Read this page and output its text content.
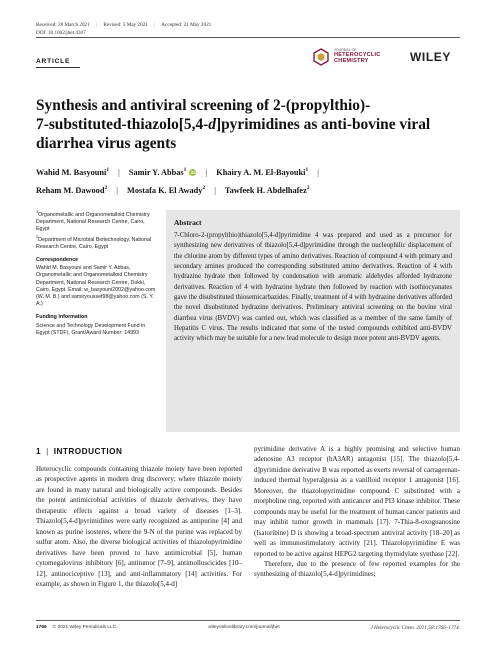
Received: 28 March 2021 | Revised: 5 May 2021 | Accepted: 21 May 2021
DOI: 10.1002/jhet.4307
ARTICLE
JOURNAL OF
HETEROCYCLIC
CHEMISTRY	WILEY
Synthesis and antiviral screening of 2-(propylthio)-
7-substituted-thiazolo[5,4-d]pyrimidines as anti-bovine viral
diarrhea virus agents
Wahid M. Basyouni$^1$ | Samir Y. Abbas$^1$ iD | Khairy A. M. El-Bayouki$^1$ |
Reham M. Dawood$^2$ | Mostafa K. El Awady$^2$ | Tawfeek H. Abdelhafez$^2$
$^1$Organometallic and Organometalloid Chemistry Department, National Research Centre, Cairo, Egypt
$^2$Department of Microbial Biotechnology, National Research Centre, Cairo, Egypt
Correspondence
Wahid M. Basyouni and Samir Y. Abbas, Organometallic and Organometalloid Chemistry Department, National Research Centre, Dokki, Cairo, Egypt. Email: w_basyouni2002@yahoo.com (W. M. B.) and samiryoussef98@yahoo.com (S. Y. A.)
Funding information
Science and Technology Development Fund in Egypt (STDF), Grant/Award Number: 14993
Abstract
7-Chloro-2-(propylthio)thiazolo[5,4-d]pyrimidine 4 was prepared and used as a precursor for synthesizing new derivatives of thiazolo[5,4-d]pyrimidine through the nucleophilic displacement of the chlorine atom by different types of amino derivatives. Reaction of compound 4 with primary and secondary amines produced the corresponding substituted amino derivatives. Reaction of 4 with hydrazine hydrate then followed by condensation with aromatic aldehydes afforded hydrazone derivatives. Reaction of 4 with hydrazine hydrate then followed by reaction with isothiocyanates gave the disubstituted thiosemicarbazides. Finally, treatment of 4 with hydrazine derivatives afforded the novel disubstituted hydrazine derivatives. Preliminary antiviral screening on the bovine viral diarrhea virus (BVDV) was carried out, which was classified as a member of the same family of Hepatitis C virus. The results indicated that some of the tested compounds exhibited anti-BVDV activity which may be suitable for a new lead molecule to design more potent anti-BVDV agents.
1 | INTRODUCTION

Heterocyclic compounds containing thiazole moiety have been reported as prospective agents in modern drug discovery; where thiazole moiety are found in many natural and biologically active compounds. Besides the potent antimicrobial activities of thiazole derivatives, they have therapeutic effects against a broad variety of diseases [1–3]. Thiazolo[5,4-d]pyrimidines were early recognized as antipurine [4] and known as purine isosteres, where the 9-N of the purine was replaced by sulfur atom. Also, the diverse biological activities of thiazolopyrimidine derivatives have been proved to have antimicrobial [5], human cytomegalovirus inhibitory [6], antitumor [7–9], antimolluscicides [10–12], antinociceptive [13], and anti-inflammatory [14] activities. For example, as shown in Figure 1, the thiazolo[5,4-d]

pyrimidine derivative A is a highly promising and selective human adenosine A3 receptor (hA3AR) antagonist [15]. The thiazolo[5,4-d]pyrimidine derivative B was reported as exerts reversal of carrageenan-induced thermal hyperalgesia as a vanilloid receptor 1 antagonist [16]. Moreover, the thiazolopyrimidine compound C substituted with a morpholine ring, reported with anticancer and PI3 kinase inhibitor. These compounds may be useful for the treatment of human cancer patients and may inhibit tumor growth in mammals [17]. 7-Thia-8-oxoguanosine (Isatoribine) D is showing a broad-spectrum antiviral activity [18–20] as well as immunostimulatory activity [21]. Thiazolopyrimidine E was reported to be active against HEPG2 targeting thymidylate synthase [22].

Therefore, due to the presence of few reported examples for the synthesizing of thiazolo[5,4-d]pyrimidines;

1766 © 2021 Wiley Periodicals LLC.	wileyonlinelibrary.com/journal/jhet	J Heterocyclic Chem. 2021;58:1766–1774.
